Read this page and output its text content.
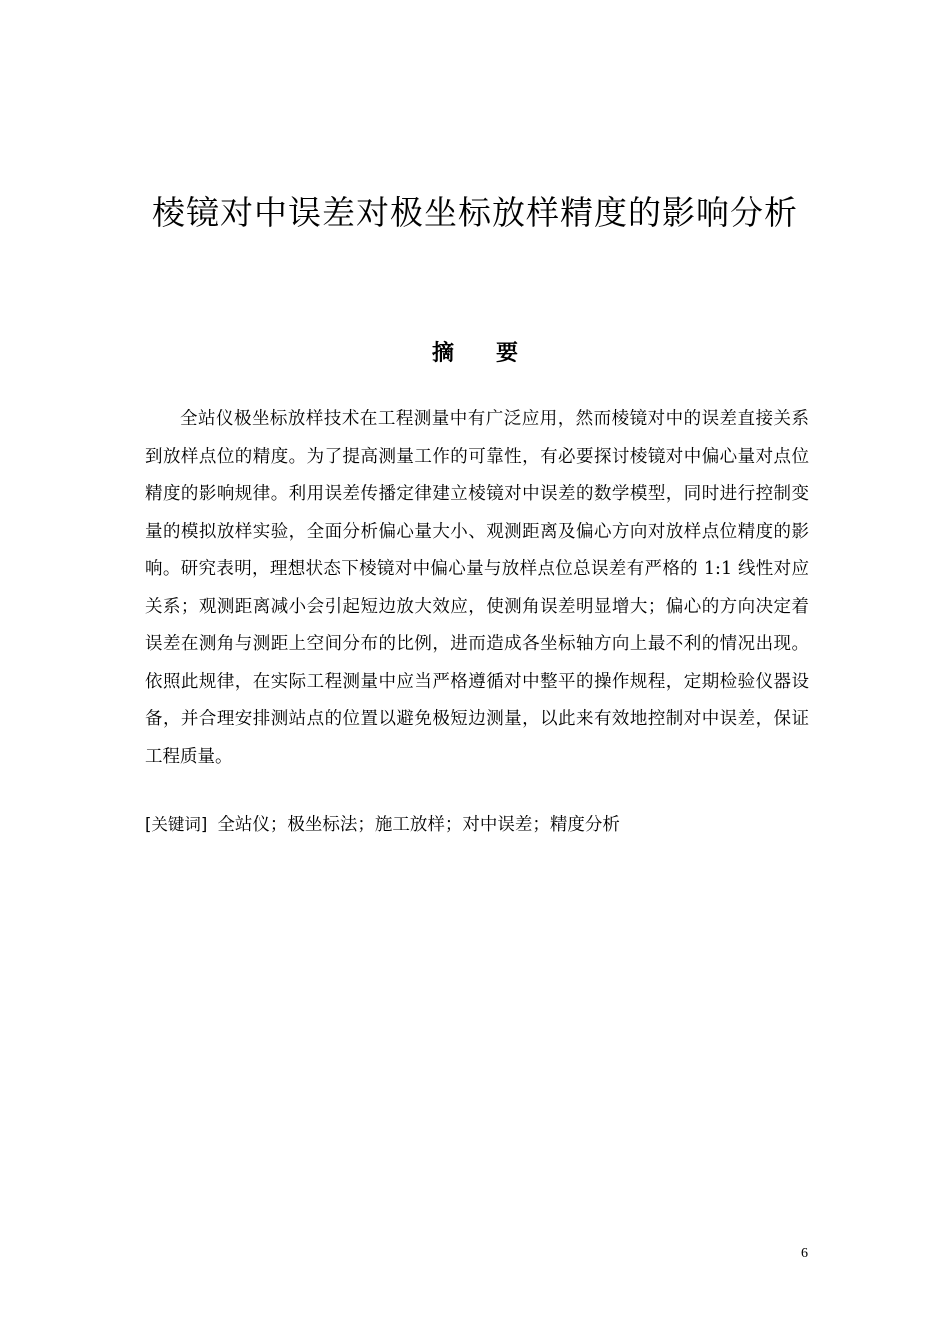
棱镜对中误差对极坐标放样精度的影响分析
摘 要

全站仪极坐标放样技术在工程测量中有广泛应用，然而棱镜对中的误差直接关系到放样点位的精度。为了提高测量工作的可靠性，有必要探讨棱镜对中偏心量对点位精度的影响规律。利用误差传播定律建立棱镜对中误差的数学模型，同时进行控制变量的模拟放样实验，全面分析偏心量大小、观测距离及偏心方向对放样点位精度的影响。研究表明，理想状态下棱镜对中偏心量与放样点位总误差有严格的 1:1 线性对应关系；观测距离减小会引起短边放大效应，使测角误差明显增大；偏心的方向决定着误差在测角与测距上空间分布的比例，进而造成各坐标轴方向上最不利的情况出现。依照此规律，在实际工程测量中应当严格遵循对中整平的操作规程，定期检验仪器设备，并合理安排测站点的位置以避免极短边测量，以此来有效地控制对中误差，保证工程质量。

[关键词] 全站仪；极坐标法；施工放样；对中误差；精度分析

6
